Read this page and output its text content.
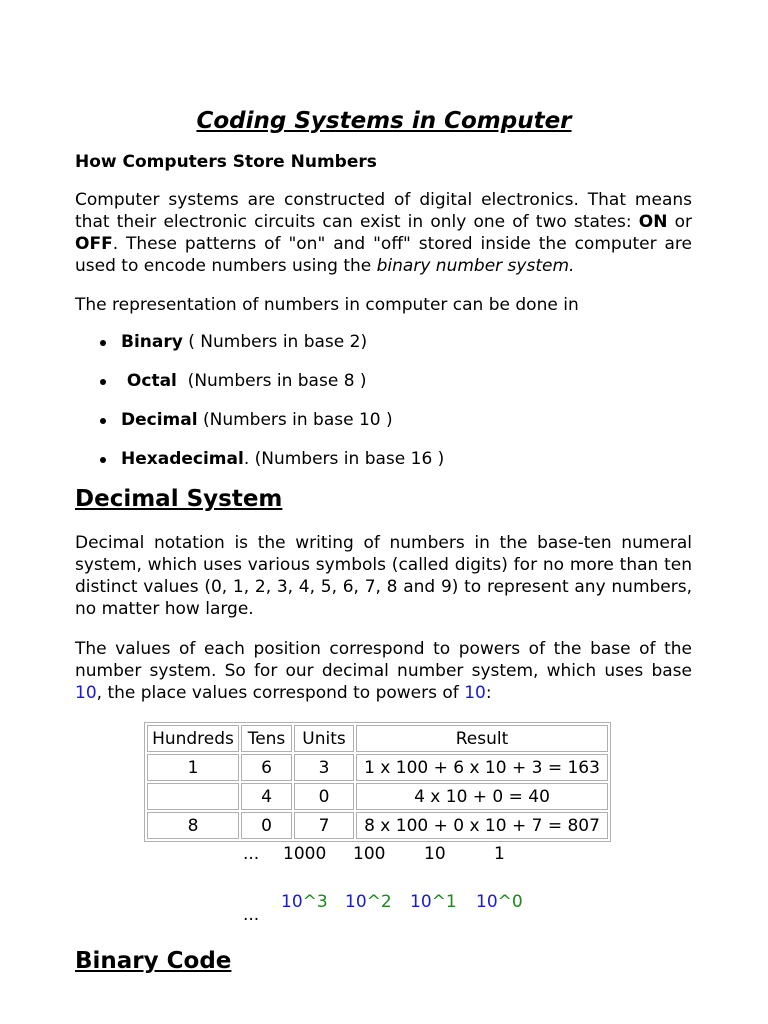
Coding Systems in Computer
How Computers Store Numbers
Computer systems are constructed of digital electronics. That means that their electronic circuits can exist in only one of two states: ON or OFF. These patterns of "on" and "off" stored inside the computer are used to encode numbers using the binary number system.
The representation of numbers in computer can be done in
Binary ( Numbers in base 2)
Octal  (Numbers in base 8 )
Decimal (Numbers in base 10 )
Hexadecimal. (Numbers in base 16 )
Decimal System
Decimal notation is the writing of numbers in the base-ten numeral system, which uses various symbols (called digits) for no more than ten distinct values (0, 1, 2, 3, 4, 5, 6, 7, 8 and 9) to represent any numbers, no matter how large.
The values of each position correspond to powers of the base of the number system. So for our decimal number system, which uses base 10, the place values correspond to powers of 10:
Hundreds	Tens	Units	Result
1	6	3	1 x 100 + 6 x 10 + 3 = 163
	4	0	4 x 10 + 0 = 40
8	0	7	8 x 100 + 0 x 10 + 7 = 807
... 1000 100 10	1
10^3 10^2 10^1 10^0
...
Binary Code
